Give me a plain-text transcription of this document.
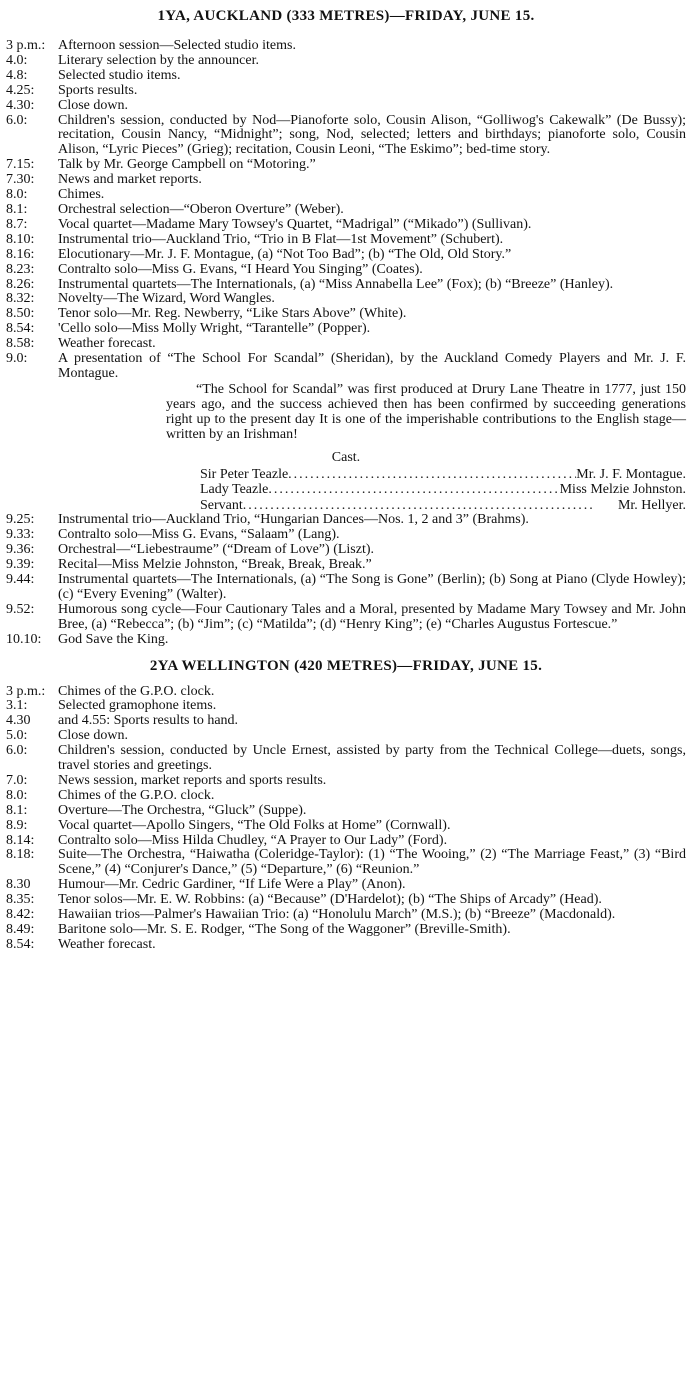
1YA, AUCKLAND (333 METRES)—FRIDAY, JUNE 15.
3 p.m.: Afternoon session—Selected studio items.
4.0:	Literary selection by the announcer.
4.8:	Selected studio items.
4.25:	Sports results.
4.30:	Close down.
6.0:	Children's session, conducted by Nod—Pianoforte solo, Cousin Alison, “Golliwog's Cakewalk” (De Bussy); recitation, Cousin Nancy, “Midnight”; song, Nod, selected; letters and birthdays; pianoforte solo, Cousin Alison, “Lyric Pieces” (Grieg); recitation, Cousin Leoni, “The Eskimo”; bed-time story.
7.15:	Talk by Mr. George Campbell on “Motoring.”
7.30:	News and market reports.
8.0:	Chimes.
8.1:	Orchestral selection—“Oberon Overture” (Weber).
8.7:	Vocal quartet—Madame Mary Towsey's Quartet, “Madrigal” (“Mikado”) (Sullivan).
8.10:	Instrumental trio—Auckland Trio, “Trio in B Flat—1st Movement” (Schubert).
8.16:	Elocutionary—Mr. J. F. Montague, (a) “Not Too Bad”; (b) “The Old, Old Story.”
8.23:	Contralto solo—Miss G. Evans, “I Heard You Singing” (Coates).
8.26:	Instrumental quartets—The Internationals, (a) “Miss Annabella Lee” (Fox); (b) “Breeze” (Hanley).
8.32:	Novelty—The Wizard, Word Wangles.
8.50:	Tenor solo—Mr. Reg. Newberry, “Like Stars Above” (White).
8.54:	'Cello solo—Miss Molly Wright, “Tarantelle” (Popper).
8.58:	Weather forecast.
9.0:	A presentation of “The School For Scandal” (Sheridan), by the Auckland Comedy Players and Mr. J. F. Montague.
“The School for Scandal” was first produced at Drury Lane Theatre in 1777, just 150 years ago, and the success achieved then has been confirmed by succeeding generations right up to the present day It is one of the imperishable contributions to the English stage—written by an Irishman!
Cast.
Sir Peter Teazle .....	Mr. J. F. Montague.
Lady Teazle .....	Miss Melzie Johnston.
Servant .....	Mr. Hellyer.
9.25:	Instrumental trio—Auckland Trio, “Hungarian Dances—Nos. 1, 2 and 3” (Brahms).
9.33:	Contralto solo—Miss G. Evans, “Salaam” (Lang).
9.36:	Orchestral—“Liebestraume” (“Dream of Love”) (Liszt).
9.39:	Recital—Miss Melzie Johnston, “Break, Break, Break.”
9.44:	Instrumental quartets—The Internationals, (a) “The Song is Gone” (Berlin); (b) Song at Piano (Clyde Howley); (c) “Every Evening” (Walter).
9.52:	Humorous song cycle—Four Cautionary Tales and a Moral, presented by Madame Mary Towsey and Mr. John Bree, (a) “Rebecca”; (b) “Jim”; (c) “Matilda”; (d) “Henry King”; (e) “Charles Augustus Fortescue.”
10.10:	God Save the King.
2YA WELLINGTON (420 METRES)—FRIDAY, JUNE 15.
3 p.m.: Chimes of the G.P.O. clock.
3.1:	Selected gramophone items.
4.30	and 4.55: Sports results to hand.
5.0:	Close down.
6.0:	Children's session, conducted by Uncle Ernest, assisted by party from the Technical College—duets, songs, travel stories and greetings.
7.0:	News session, market reports and sports results.
8.0:	Chimes of the G.P.O. clock.
8.1:	Overture—The Orchestra, “Gluck” (Suppe).
8.9:	Vocal quartet—Apollo Singers, “The Old Folks at Home” (Cornwall).
8.14:	Contralto solo—Miss Hilda Chudley, “A Prayer to Our Lady” (Ford).
8.18:	Suite—The Orchestra, “Haiwatha (Coleridge-Taylor): (1) “The Wooing,” (2) “The Marriage Feast,” (3) “Bird Scene,” (4) “Conjurer's Dance,” (5) “Departure,” (6) “Reunion.”
8.30	Humour—Mr. Cedric Gardiner, “If Life Were a Play” (Anon).
8.35:	Tenor solos—Mr. E. W. Robbins: (a) “Because” (D'Hardelot); (b) “The Ships of Arcady” (Head).
8.42:	Hawaiian trios—Palmer's Hawaiian Trio: (a) “Honolulu March” (M.S.); (b) “Breeze” (Macdonald).
8.49:	Baritone solo—Mr. S. E. Rodger, “The Song of the Waggoner” (Breville-Smith).
8.54:	Weather forecast.
